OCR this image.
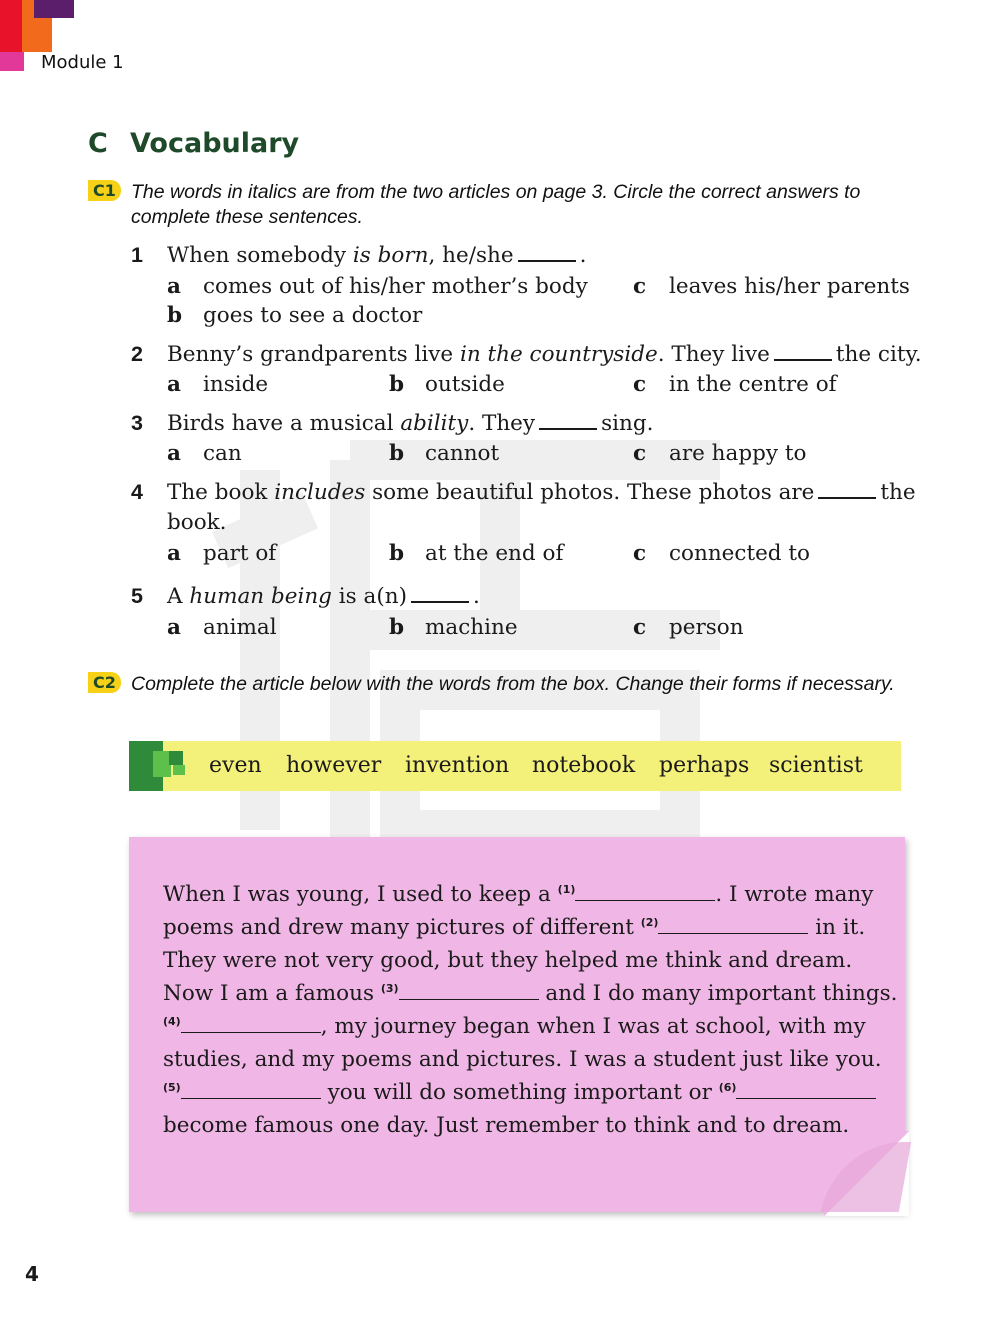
Module 1
C Vocabulary
C1 The words in italics are from the two articles on page 3. Circle the correct answers to complete these sentences.
1 When somebody is born, he/she	.
a comes out of his/her mother’s body
b goes to see a doctor
c leaves his/her parents
2 Benny’s grandparents live in the countryside. They live	the city.
a inside	b outside	c in the centre of
3 Birds have a musical ability. They	sing.
a can	b cannot	c are happy to
4 The book includes some beautiful photos. These photos are	the
book.
a part of	b at the end of	c connected to
5 A human being is a(n)	.
a animal	b machine	c person
C2 Complete the article below with the words from the box. Change their forms if necessary.
even however invention notebook perhaps scientist
When I was young, I used to keep a $^{(1)}$	. I wrote many
poems and drew many pictures of different $^{(2)}$	in it.
They were not very good, but they helped me think and dream.
Now I am a famous $^{(3)}$	and I do many important things.
$^{(4)}$	, my journey began when I was at school, with my
studies, and my poems and pictures. I was a student just like you.
$^{(5)}$	you will do something important or $^{(6)}$
become famous one day. Just remember to think and to dream.
4
